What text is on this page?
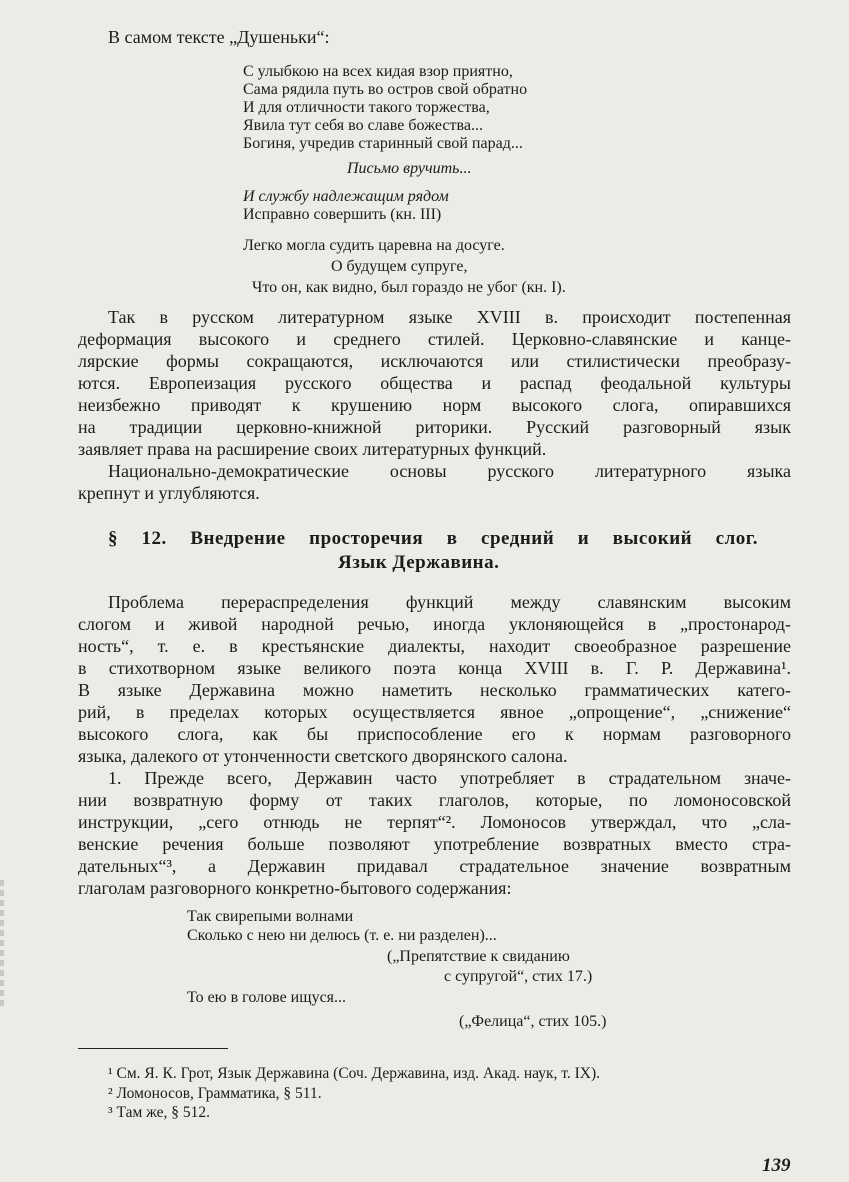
В самом тексте „Душеньки“:
С улыбкою на всех кидая взор приятно,
Сама рядила путь во остров свой обратно
И для отличности такого торжества,
Явила тут себя во славе божества...
Богиня, учредив старинный свой парад...
Письмо вручить...
И службу надлежащим рядом
Исправно совершить (кн. III)
Легко могла судить царевна на досуге.
О будущем супруге,
Что он, как видно, был гораздо не убог (кн. I).
Так в русском литературном языке XVIII в. происходит постепенная
деформация высокого и среднего стилей. Церковно-славянские и канце-
лярские формы сокращаются, исключаются или стилистически преобразу-
ются. Европеизация русского общества и распад феодальной культуры
неизбежно приводят к крушению норм высокого слога, опиравшихся
на традиции церковно-книжной риторики. Русский разговорный язык
заявляет права на расширение своих литературных функций.
Национально-демократические основы русского литературного языка
крепнут и углубляются.
§ 12. Внедрение просторечия в средний и высокий слог.
Язык Державина.
Проблема перераспределения функций между славянским высоким
слогом и живой народной речью, иногда уклоняющейся в „простонарод-
ность“, т. е. в крестьянские диалекты, находит своеобразное разрешение
в стихотворном языке великого поэта конца XVIII в. Г. Р. Державина¹.
В языке Державина можно наметить несколько грамматических катего-
рий, в пределах которых осуществляется явное „опрощение“, „снижение“
высокого слога, как бы приспособление его к нормам разговорного
языка, далекого от утонченности светского дворянского салона.
1. Прежде всего, Державин часто употребляет в страдательном значе-
нии возвратную форму от таких глаголов, которые, по ломоносовской
инструкции, „сего отнюдь не терпят“². Ломоносов утверждал, что „сла-
венские речения больше позволяют употребление возвратных вместо стра-
дательных“³, а Державин придавал страдательное значение возвратным
глаголам разговорного конкретно-бытового содержания:
Так свирепыми волнами
Сколько с нею ни делюсь (т. е. ни разделен)...
(„Препятствие к свиданию
с супругой“, стих 17.)
То ею в голове ищуся...
(„Фелица“, стих 105.)
¹ См. Я. К. Грот, Язык Державина (Соч. Державина, изд. Акад. наук, т. IX).
² Ломоносов, Грамматика, § 511.
³ Там же, § 512.
139
